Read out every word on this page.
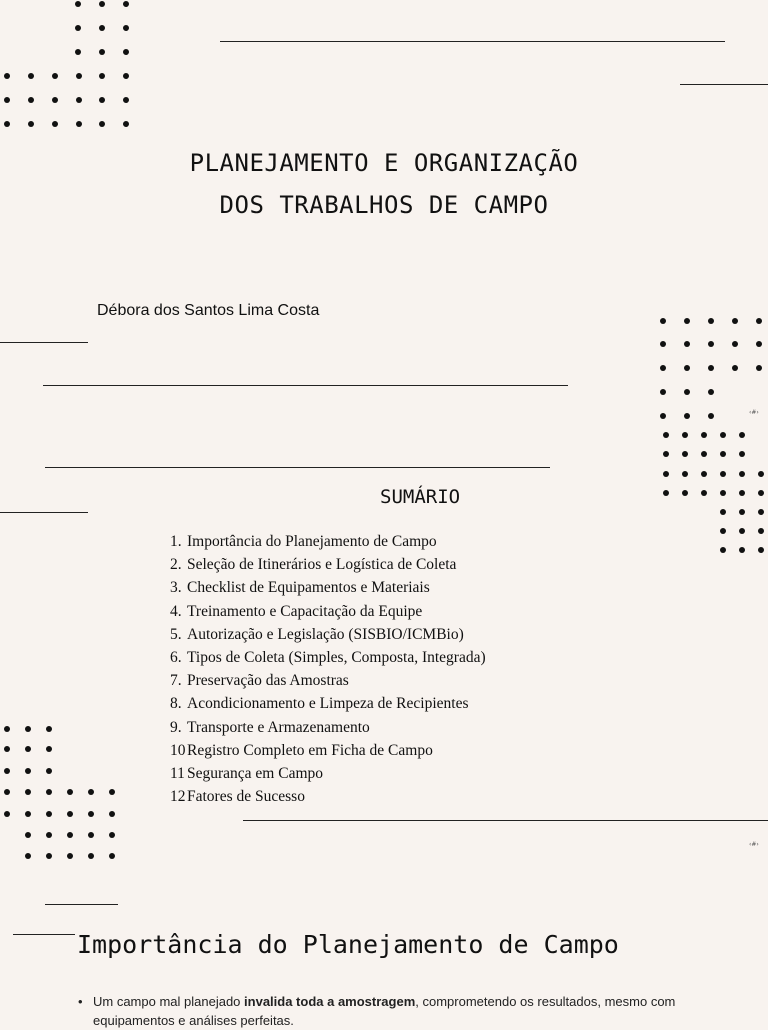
PLANEJAMENTO E ORGANIZAÇÃO
DOS TRABALHOS DE CAMPO
Débora dos Santos Lima Costa
SUMÁRIO
1. Importância do Planejamento de Campo
2. Seleção de Itinerários e Logística de Coleta
3. Checklist de Equipamentos e Materiais
4. Treinamento e Capacitação da Equipe
5. Autorização e Legislação (SISBIO/ICMBio)
6. Tipos de Coleta (Simples, Composta, Integrada)
7. Preservação das Amostras
8. Acondicionamento e Limpeza de Recipientes
9. Transporte e Armazenamento
10Registro Completo em Ficha de Campo
11 Segurança em Campo
12Fatores de Sucesso
‹#›
‹#›
Importância do Planejamento de Campo
• Um campo mal planejado invalida toda a amostragem, comprometendo os resultados, mesmo com equipamentos e análises perfeitas.
